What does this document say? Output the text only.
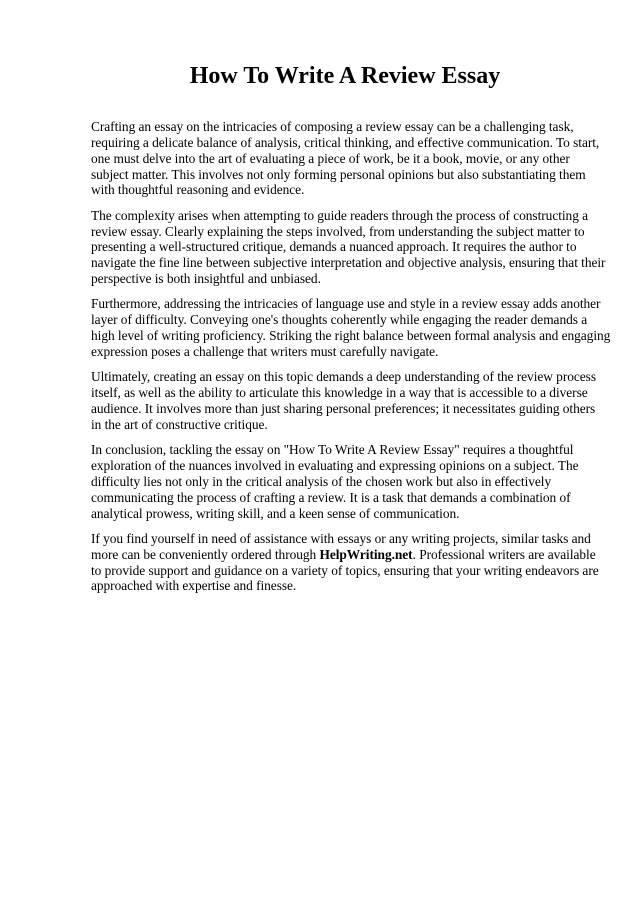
How To Write A Review Essay

Crafting an essay on the intricacies of composing a review essay can be a challenging task,
requiring a delicate balance of analysis, critical thinking, and effective communication. To start,
one must delve into the art of evaluating a piece of work, be it a book, movie, or any other
subject matter. This involves not only forming personal opinions but also substantiating them
with thoughtful reasoning and evidence.

The complexity arises when attempting to guide readers through the process of constructing a
review essay. Clearly explaining the steps involved, from understanding the subject matter to
presenting a well-structured critique, demands a nuanced approach. It requires the author to
navigate the fine line between subjective interpretation and objective analysis, ensuring that their
perspective is both insightful and unbiased.

Furthermore, addressing the intricacies of language use and style in a review essay adds another
layer of difficulty. Conveying one's thoughts coherently while engaging the reader demands a
high level of writing proficiency. Striking the right balance between formal analysis and engaging
expression poses a challenge that writers must carefully navigate.

Ultimately, creating an essay on this topic demands a deep understanding of the review process
itself, as well as the ability to articulate this knowledge in a way that is accessible to a diverse
audience. It involves more than just sharing personal preferences; it necessitates guiding others
in the art of constructive critique.

In conclusion, tackling the essay on "How To Write A Review Essay" requires a thoughtful
exploration of the nuances involved in evaluating and expressing opinions on a subject. The
difficulty lies not only in the critical analysis of the chosen work but also in effectively
communicating the process of crafting a review. It is a task that demands a combination of
analytical prowess, writing skill, and a keen sense of communication.

If you find yourself in need of assistance with essays or any writing projects, similar tasks and
more can be conveniently ordered through HelpWriting.net. Professional writers are available
to provide support and guidance on a variety of topics, ensuring that your writing endeavors are
approached with expertise and finesse.
